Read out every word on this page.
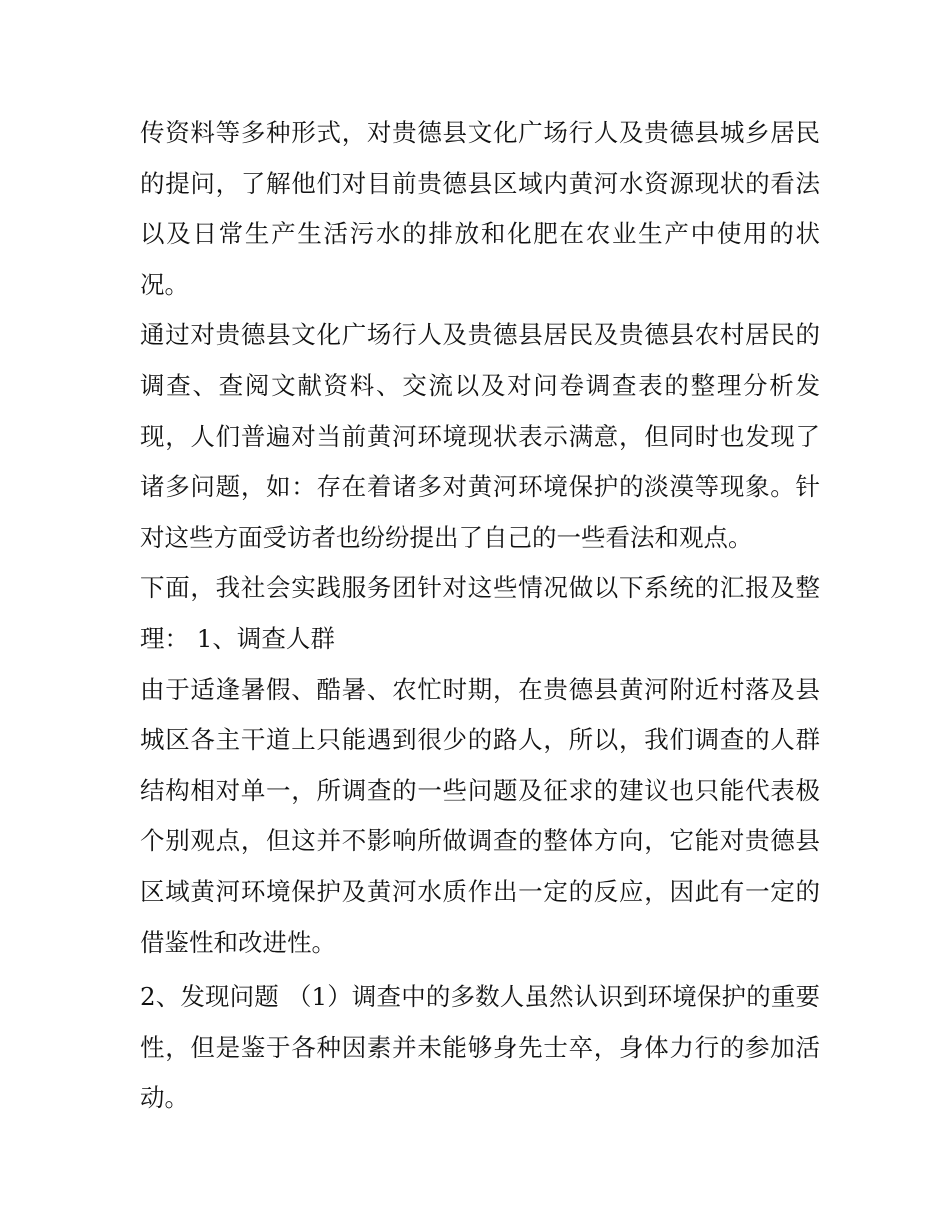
传资料等多种形式，对贵德县文化广场行人及贵德县城乡居民的提问，了解他们对目前贵德县区域内黄河水资源现状的看法以及日常生产生活污水的排放和化肥在农业生产中使用的状况。

通过对贵德县文化广场行人及贵德县居民及贵德县农村居民的调查、查阅文献资料、交流以及对问卷调查表的整理分析发现，人们普遍对当前黄河环境现状表示满意，但同时也发现了诸多问题，如：存在着诸多对黄河环境保护的淡漠等现象。针对这些方面受访者也纷纷提出了自己的一些看法和观点。

下面，我社会实践服务团针对这些情况做以下系统的汇报及整理： 1、调查人群

由于适逢暑假、酷暑、农忙时期，在贵德县黄河附近村落及县城区各主干道上只能遇到很少的路人，所以，我们调查的人群结构相对单一，所调查的一些问题及征求的建议也只能代表极个别观点，但这并不影响所做调查的整体方向，它能对贵德县区域黄河环境保护及黄河水质作出一定的反应，因此有一定的借鉴性和改进性。

2、发现问题 （1）调查中的多数人虽然认识到环境保护的重要性，但是鉴于各种因素并未能够身先士卒，身体力行的参加活动。
